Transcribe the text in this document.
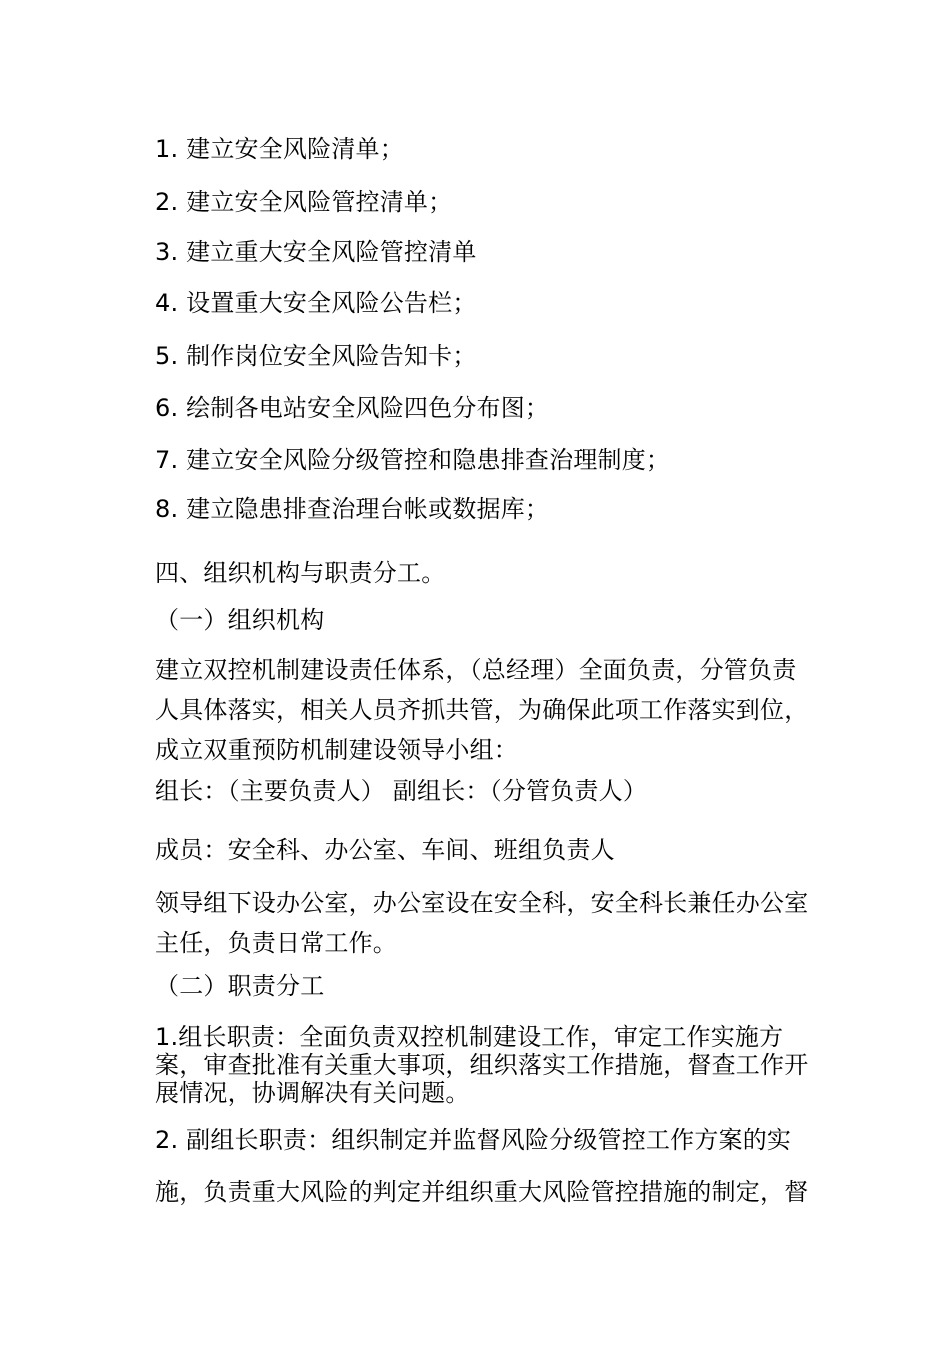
1. 建立安全风险清单；
2. 建立安全风险管控清单；
3. 建立重大安全风险管控清单
4. 设置重大安全风险公告栏；
5. 制作岗位安全风险告知卡；
6. 绘制各电站安全风险四色分布图；
7. 建立安全风险分级管控和隐患排查治理制度；
8. 建立隐患排查治理台帐或数据库；
四、组织机构与职责分工。
（一）组织机构
建立双控机制建设责任体系，（总经理）全面负责，分管负责
人具体落实，相关人员齐抓共管，为确保此项工作落实到位，
成立双重预防机制建设领导小组：
组长：（主要负责人） 副组长：（分管负责人）
成员：安全科、办公室、车间、班组负责人
领导组下设办公室，办公室设在安全科，安全科长兼任办公室
主任，负责日常工作。
（二）职责分工
1.组长职责：全面负责双控机制建设工作，审定工作实施方
案，审查批准有关重大事项，组织落实工作措施，督查工作开
展情况，协调解决有关问题。
2. 副组长职责：组织制定并监督风险分级管控工作方案的实
施，负责重大风险的判定并组织重大风险管控措施的制定，督
